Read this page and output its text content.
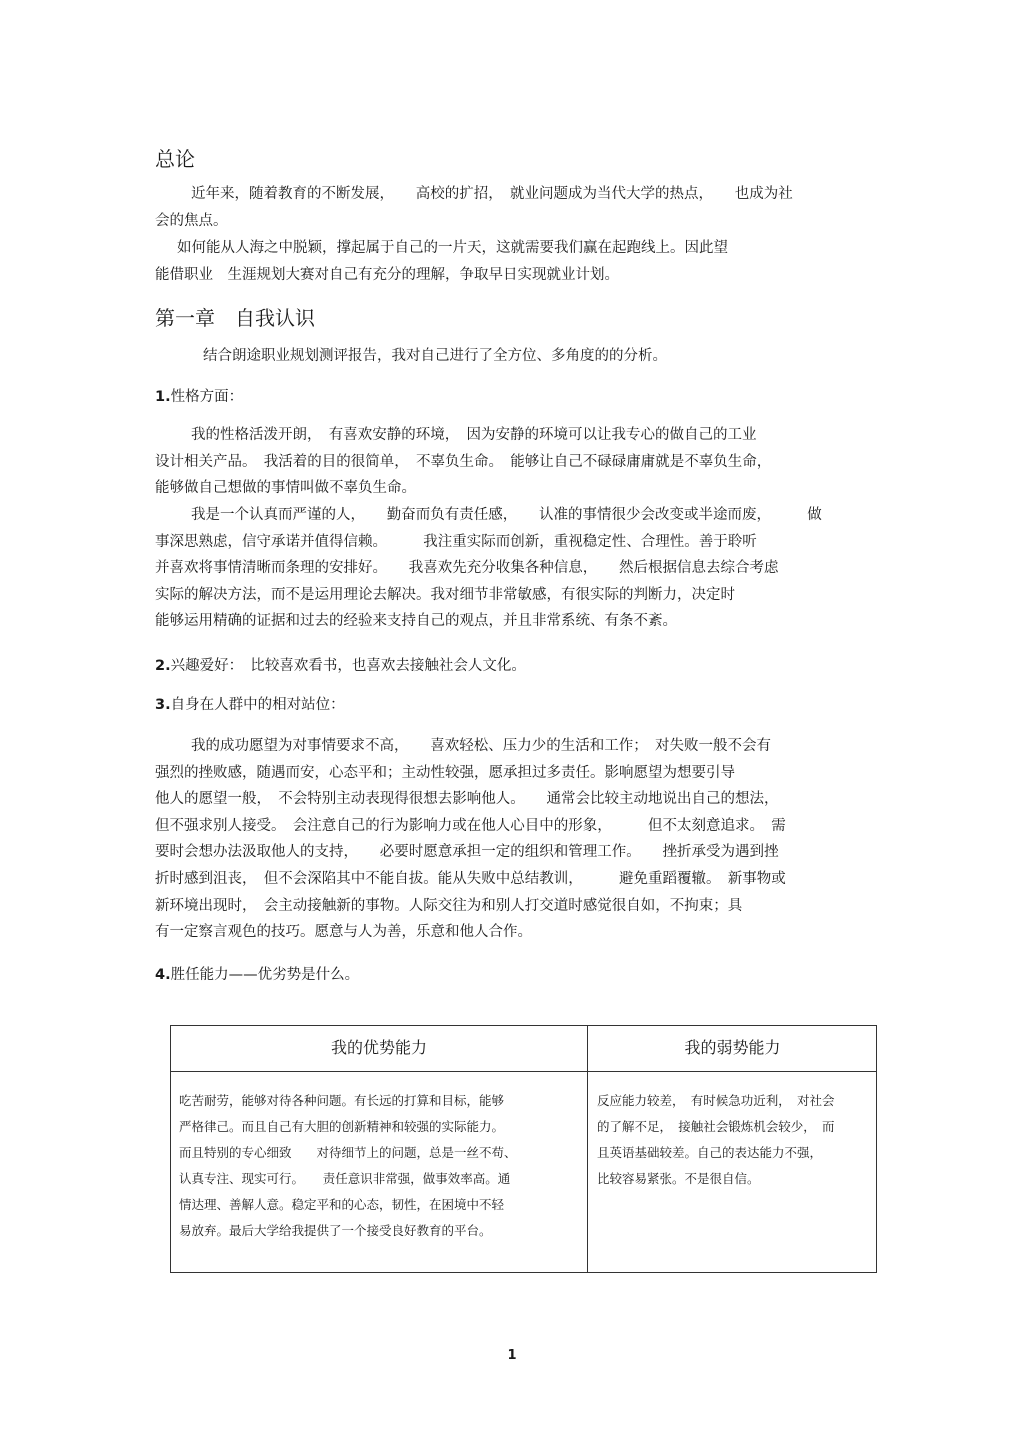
总论
近年来，随着教育的不断发展，　　高校的扩招，　就业问题成为当代大学的热点，　　也成为社
会的焦点。
如何能从人海之中脱颖，撑起属于自己的一片天，这就需要我们赢在起跑线上。因此望
能借职业　生涯规划大赛对自己有充分的理解，争取早日实现就业计划。
第一章　自我认识
结合朗途职业规划测评报告，我对自己进行了全方位、多角度的的分析。
1.性格方面：
我的性格活泼开朗，　有喜欢安静的环境，　因为安静的环境可以让我专心的做自己的工业
设计相关产品。　我活着的目的很简单，　不辜负生命。　能够让自己不碌碌庸庸就是不辜负生命，
能够做自己想做的事情叫做不辜负生命。
我是一个认真而严谨的人，　　勤奋而负有责任感，　　认准的事情很少会改变或半途而废，　　　做
事深思熟虑，信守承诺并值得信赖。　　　我注重实际而创新，重视稳定性、合理性。善于聆听
并喜欢将事情清晰而条理的安排好。　　我喜欢先充分收集各种信息，　　然后根据信息去综合考虑
实际的解决方法，而不是运用理论去解决。我对细节非常敏感，有很实际的判断力，决定时
能够运用精确的证据和过去的经验来支持自己的观点，并且非常系统、有条不紊。
2.兴趣爱好：　比较喜欢看书，也喜欢去接触社会人文化。
3.自身在人群中的相对站位：
我的成功愿望为对事情要求不高，　　喜欢轻松、压力少的生活和工作；　对失败一般不会有
强烈的挫败感，随遇而安，心态平和；主动性较强，愿承担过多责任。影响愿望为想要引导
他人的愿望一般，　不会特别主动表现得很想去影响他人。　　通常会比较主动地说出自己的想法，
但不强求别人接受。　会注意自己的行为影响力或在他人心目中的形象，　　　但不太刻意追求。　需
要时会想办法汲取他人的支持，　　必要时愿意承担一定的组织和管理工作。　　挫折承受为遇到挫
折时感到沮丧，　但不会深陷其中不能自拔。能从失败中总结教训，　　　避免重蹈覆辙。　新事物或
新环境出现时，　会主动接触新的事物。人际交往为和别人打交道时感觉很自如，不拘束；具
有一定察言观色的技巧。愿意与人为善，乐意和他人合作。
4.胜任能力——优劣势是什么。
我的优势能力	我的弱势能力
吃苦耐劳，能够对待各种问题。有长远的打算和目标，能够
严格律己。而且自己有大胆的创新精神和较强的实际能力。
而且特别的专心细致　　对待细节上的问题，总是一丝不苟、
认真专注、现实可行。　　责任意识非常强，做事效率高。通
情达理、善解人意。稳定平和的心态，韧性，在困境中不轻
易放弃。最后大学给我提供了一个接受良好教育的平台。
反应能力较差，　有时候急功近利，　对社会
的了解不足，　接触社会锻炼机会较少，　而
且英语基础较差。自己的表达能力不强，
比较容易紧张。不是很自信。
1
